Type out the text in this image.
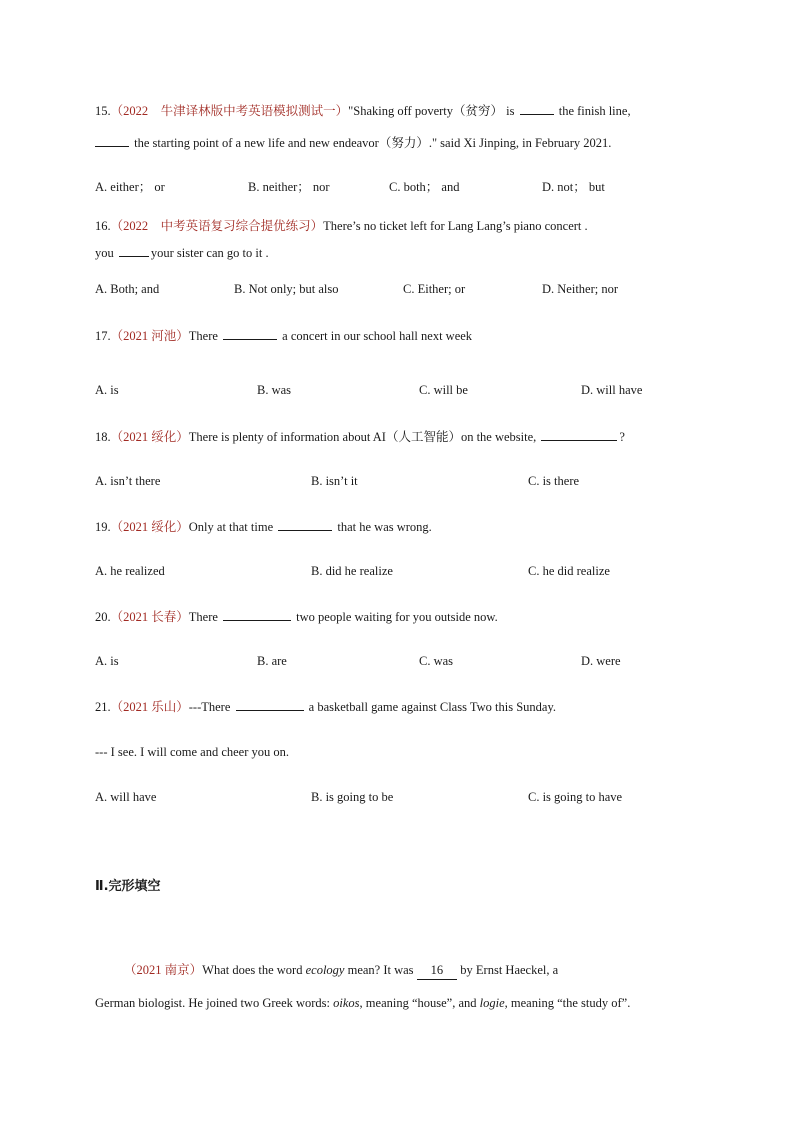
15.（2022　牛津译林版中考英语模拟测试一）"Shaking off poverty（贫穷） is	the finish line,
the starting point of a new life and new endeavor（努力）." said Xi Jinping, in February 2021.
A. either； or	B. neither； nor	C. both； and	D. not； but
16.（2022　中考英语复习综合提优练习）There’s no ticket left for Lang Lang’s piano concert .
you	your sister can go to it .
A. Both; and	B. Not only; but also	C. Either; or	D. Neither; nor
17.（2021 河池）There	a concert in our school hall next week
A. is	B. was	C. will be	D. will have
18.（2021 绥化）There is plenty of information about AI（人工智能）on the website,	?
A. isn’t there	B. isn’t it	C. is there
19.（2021 绥化）Only at that time	that he was wrong.
A. he realized	B. did he realize	C. he did realize
20.（2021 长春）There	two people waiting for you outside now.
A. is	B. are	C. was	D. were
21.（2021 乐山）---There	a basketball game against Class Two this Sunday.
--- I see. I will come and cheer you on.
A. will have	B. is going to be	C. is going to have
Ⅱ.完形填空
（2021 南京）What does the word ecology mean? It was 16 by Ernst Haeckel, a
German biologist. He joined two Greek words: oikos, meaning “house”, and logie, meaning “the study of”.
